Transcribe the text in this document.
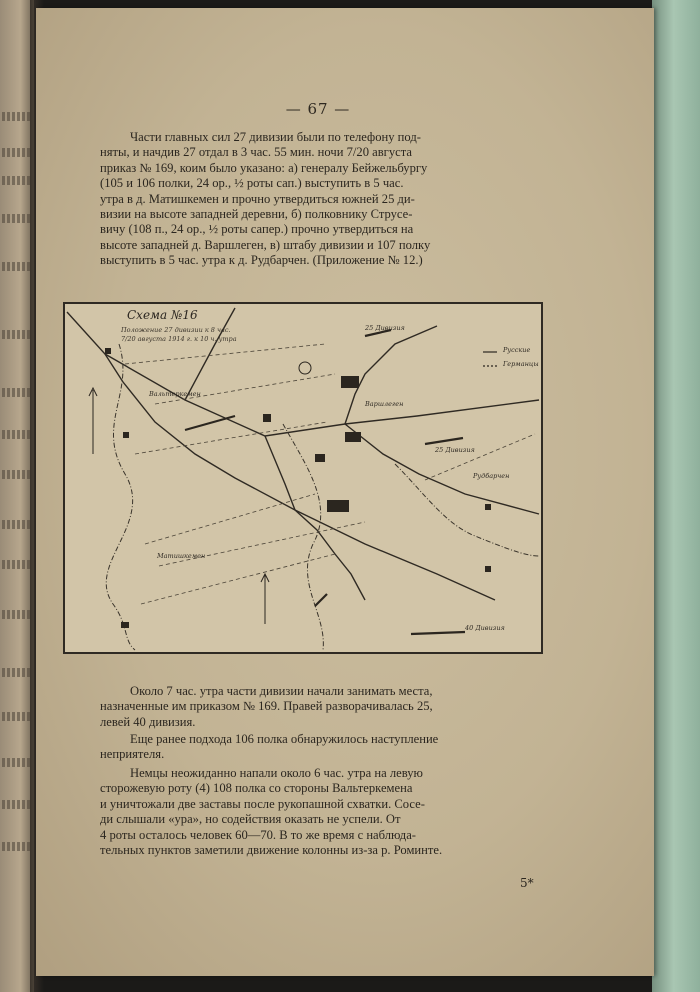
— 67 —
Части главных сил 27 дивизии были по телефону под-
няты, и начдив 27 отдал в 3 час. 55 мин. ночи 7/20 августа
приказ № 169, коим было указано: а) генералу Бейжельбургу
(105 и 106 полки, 24 ор., ½ роты сап.) выступить в 5 час.
утра в д. Матишкемен и прочно утвердиться южней 25 ди-
визии на высоте западней деревни, б) полковнику Струсе-
вичу (108 п., 24 ор., ½ роты сапер.) прочно утвердиться на
высоте западней д. Варшлеген, в) штабу дивизии и 107 полку
выступить в 5 час. утра к д. Рудбарчен. (Приложение № 12.)
Схема №16
Положение 27 дивизии к 8 час.
7/20 августа 1914 г. к 10 ч. утра
Русские
Германцы
25 Дивизия
25 Дивизия
40 Дивизия
Вальтеркемен
Матишкемен
Варшлеген
Рудбарчен
Около 7 час. утра части дивизии начали занимать места,
назначенные им приказом № 169. Правей разворачивалась 25,
левей 40 дивизия.
Еще ранее подхода 106 полка обнаружилось наступление
неприятеля.
Немцы неожиданно напали около 6 час. утра на левую
сторожевую роту (4) 108 полка со стороны Вальтеркемена
и уничтожали две заставы после рукопашной схватки. Сосе-
ди слышали «ура», но содействия оказать не успели. От
4 роты осталось человек 60—70. В то же время с наблюда-
тельных пунктов заметили движение колонны из-за р. Роминте.
5*
